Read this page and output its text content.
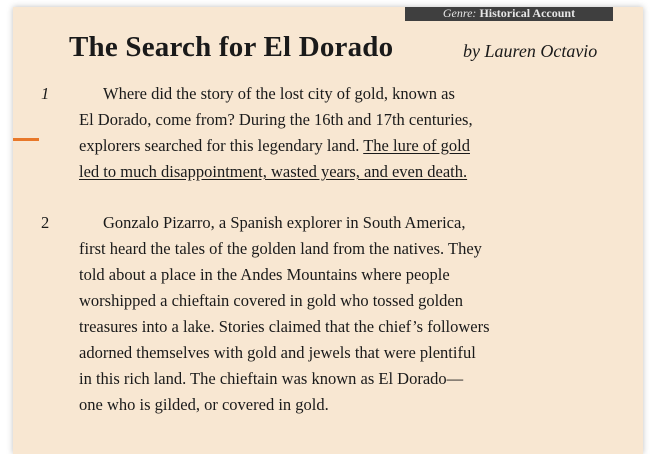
Genre: Historical Account
The Search for El Dorado	by Lauren Octavio
1	Where did the story of the lost city of gold, known as
El Dorado, come from? During the 16th and 17th centuries,
explorers searched for this legendary land. The lure of gold
led to much disappointment, wasted years, and even death.
2	Gonzalo Pizarro, a Spanish explorer in South America,
first heard the tales of the golden land from the natives. They
told about a place in the Andes Mountains where people
worshipped a chieftain covered in gold who tossed golden
treasures into a lake. Stories claimed that the chief’s followers
adorned themselves with gold and jewels that were plentiful
in this rich land. The chieftain was known as El Dorado—
one who is gilded, or covered in gold.
